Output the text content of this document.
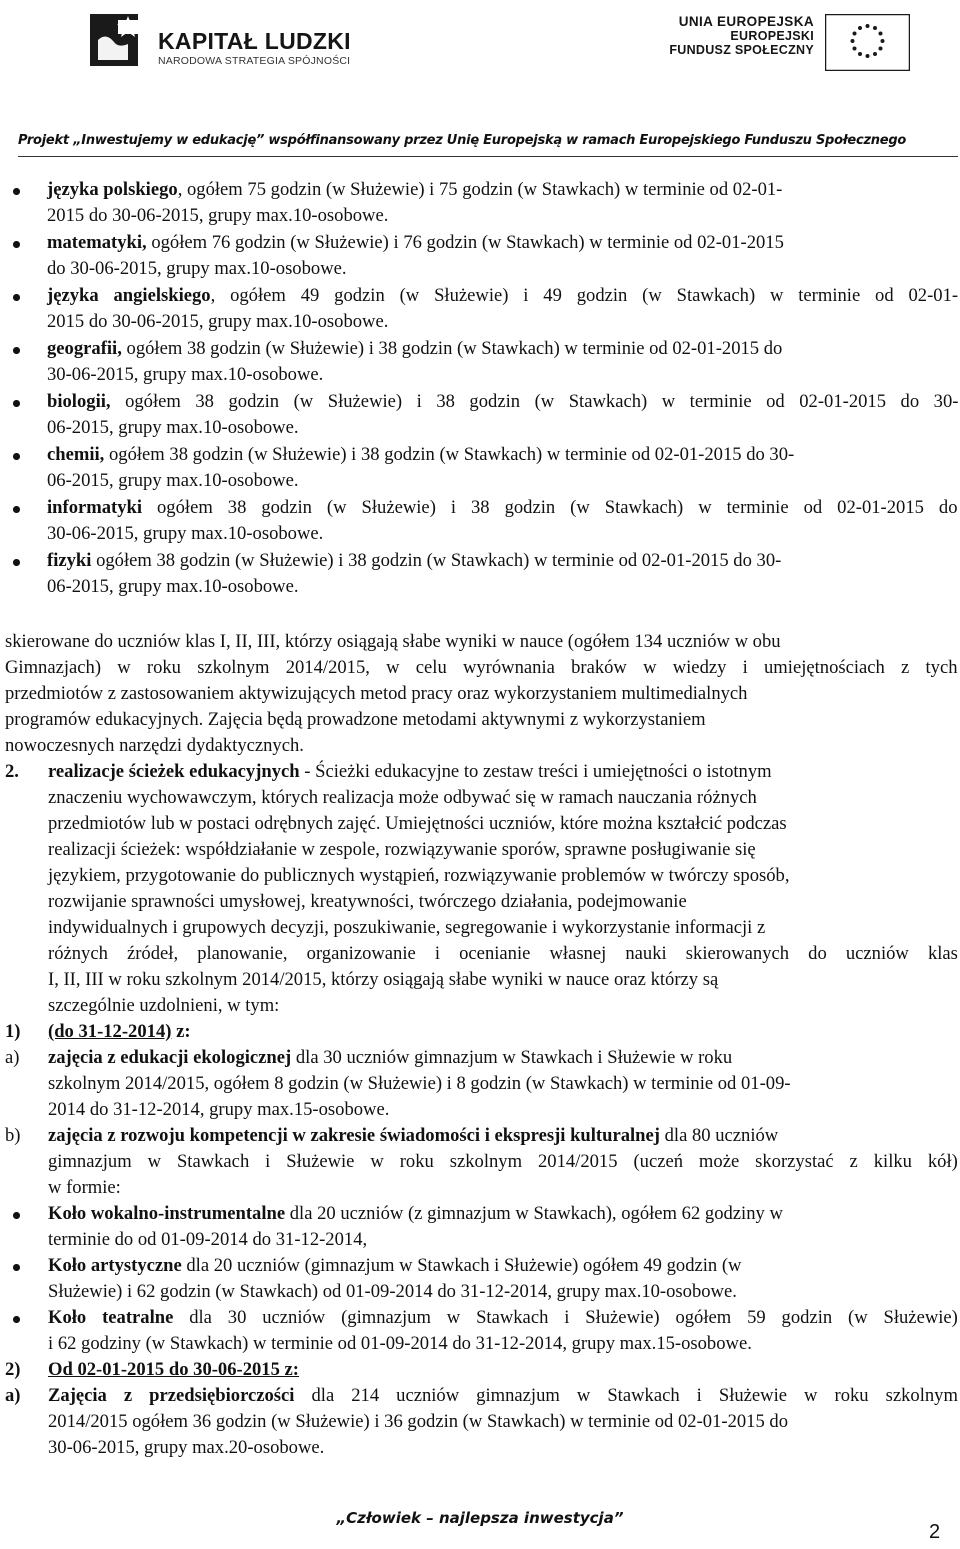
KAPITAŁ LUDZKI
NARODOWA STRATEGIA SPÓJNOŚCI
UNIA EUROPEJSKA
EUROPEJSKI
FUNDUSZ SPOŁECZNY
Projekt „Inwestujemy w edukację” współfinansowany przez Unię Europejską w ramach Europejskiego Funduszu Społecznego
języka polskiego, ogółem 75 godzin (w Służewie) i 75 godzin (w Stawkach) w terminie od 02-01-
2015 do 30-06-2015, grupy max.10-osobowe.
matematyki, ogółem 76 godzin (w Służewie) i 76 godzin (w Stawkach) w terminie od 02-01-2015
do 30-06-2015, grupy max.10-osobowe.
języka angielskiego, ogółem 49 godzin (w Służewie) i 49 godzin (w Stawkach) w terminie od 02-01-
2015 do 30-06-2015, grupy max.10-osobowe.
geografii, ogółem 38 godzin (w Służewie) i 38 godzin (w Stawkach) w terminie od 02-01-2015 do
30-06-2015, grupy max.10-osobowe.
biologii, ogółem 38 godzin (w Służewie) i 38 godzin (w Stawkach) w terminie od 02-01-2015 do 30-
06-2015, grupy max.10-osobowe.
chemii, ogółem 38 godzin (w Służewie) i 38 godzin (w Stawkach) w terminie od 02-01-2015 do 30-
06-2015, grupy max.10-osobowe.
informatyki ogółem 38 godzin (w Służewie) i 38 godzin (w Stawkach) w terminie od 02-01-2015 do
30-06-2015, grupy max.10-osobowe.
fizyki ogółem 38 godzin (w Służewie) i 38 godzin (w Stawkach) w terminie od 02-01-2015 do 30-
06-2015, grupy max.10-osobowe.
skierowane do uczniów klas I, II, III, którzy osiągają słabe wyniki w nauce (ogółem 134 uczniów w obu
Gimnazjach) w roku szkolnym 2014/2015, w celu wyrównania braków w wiedzy i umiejętnościach z tych
przedmiotów z zastosowaniem aktywizujących metod pracy oraz wykorzystaniem multimedialnych
programów edukacyjnych. Zajęcia będą prowadzone metodami aktywnymi z wykorzystaniem
nowoczesnych narzędzi dydaktycznych.
2. realizacje ścieżek edukacyjnych - Ścieżki edukacyjne to zestaw treści i umiejętności o istotnym
znaczeniu wychowawczym, których realizacja może odbywać się w ramach nauczania różnych
przedmiotów lub w postaci odrębnych zajęć. Umiejętności uczniów, które można kształcić podczas
realizacji ścieżek: współdziałanie w zespole, rozwiązywanie sporów, sprawne posługiwanie się
językiem, przygotowanie do publicznych wystąpień, rozwiązywanie problemów w twórczy sposób,
rozwijanie sprawności umysłowej, kreatywności, twórczego działania, podejmowanie
indywidualnych i grupowych decyzji, poszukiwanie, segregowanie i wykorzystanie informacji z
różnych źródeł, planowanie, organizowanie i ocenianie własnej nauki skierowanych do uczniów klas
I, II, III w roku szkolnym 2014/2015, którzy osiągają słabe wyniki w nauce oraz którzy są
szczególnie uzdolnieni, w tym:
1) (do 31-12-2014) z:
a) zajęcia z edukacji ekologicznej dla 30 uczniów gimnazjum w Stawkach i Służewie w roku
szkolnym 2014/2015, ogółem 8 godzin (w Służewie) i 8 godzin (w Stawkach) w terminie od 01-09-
2014 do 31-12-2014, grupy max.15-osobowe.
b) zajęcia z rozwoju kompetencji w zakresie świadomości i ekspresji kulturalnej dla 80 uczniów
gimnazjum w Stawkach i Służewie w roku szkolnym 2014/2015 (uczeń może skorzystać z kilku kół)
w formie:
Koło wokalno-instrumentalne dla 20 uczniów (z gimnazjum w Stawkach), ogółem 62 godziny w
terminie do od 01-09-2014 do 31-12-2014,
Koło artystyczne dla 20 uczniów (gimnazjum w Stawkach i Służewie) ogółem 49 godzin (w
Służewie) i 62 godzin (w Stawkach) od 01-09-2014 do 31-12-2014, grupy max.10-osobowe.
Koło teatralne dla 30 uczniów (gimnazjum w Stawkach i Służewie) ogółem 59 godzin (w Służewie)
i 62 godziny (w Stawkach) w terminie od 01-09-2014 do 31-12-2014, grupy max.15-osobowe.
2) Od 02-01-2015 do 30-06-2015 z:
a) Zajęcia z przedsiębiorczości dla 214 uczniów gimnazjum w Stawkach i Służewie w roku szkolnym
2014/2015 ogółem 36 godzin (w Służewie) i 36 godzin (w Stawkach) w terminie od 02-01-2015 do
30-06-2015, grupy max.20-osobowe.
„Człowiek – najlepsza inwestycja”
2
